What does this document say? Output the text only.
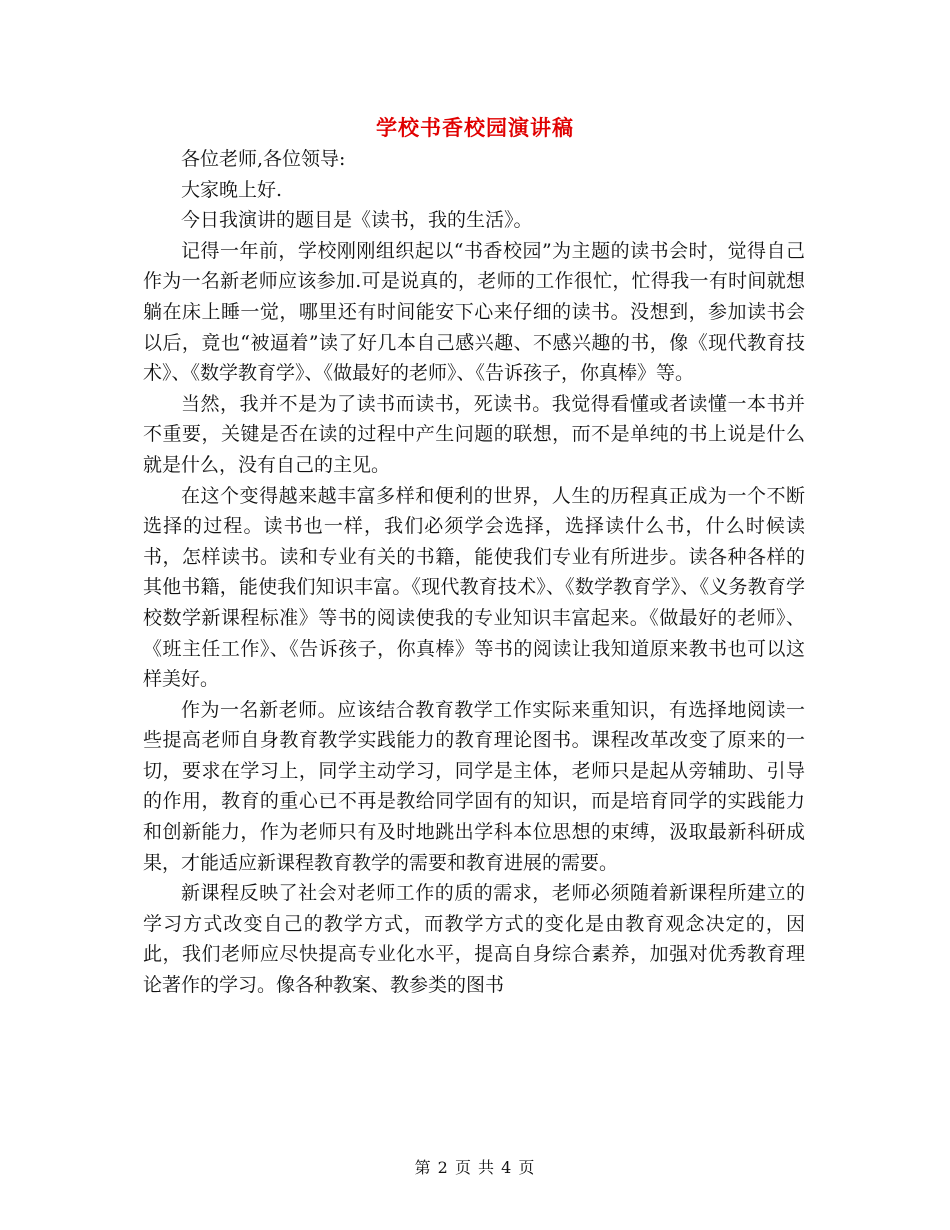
学校书香校园演讲稿

各位老师,各位领导:

大家晚上好.

今日我演讲的题目是《读书，我的生活》。

记得一年前，学校刚刚组织起以“书香校园”为主题的读书会时，觉得自己作为一名新老师应该参加.可是说真的，老师的工作很忙，忙得我一有时间就想躺在床上睡一觉，哪里还有时间能安下心来仔细的读书。没想到，参加读书会以后，竟也“被逼着”读了好几本自己感兴趣、不感兴趣的书，像《现代教育技术》、《数学教育学》、《做最好的老师》、《告诉孩子，你真棒》等。

当然，我并不是为了读书而读书，死读书。我觉得看懂或者读懂一本书并不重要，关键是否在读的过程中产生问题的联想，而不是单纯的书上说是什么就是什么，没有自己的主见。

在这个变得越来越丰富多样和便利的世界，人生的历程真正成为一个不断选择的过程。读书也一样，我们必须学会选择，选择读什么书，什么时候读书，怎样读书。读和专业有关的书籍，能使我们专业有所进步。读各种各样的其他书籍，能使我们知识丰富。《现代教育技术》、《数学教育学》、《义务教育学校数学新课程标准》等书的阅读使我的专业知识丰富起来。《做最好的老师》、《班主任工作》、《告诉孩子，你真棒》等书的阅读让我知道原来教书也可以这样美好。

作为一名新老师。应该结合教育教学工作实际来重知识，有选择地阅读一些提高老师自身教育教学实践能力的教育理论图书。课程改革改变了原来的一切，要求在学习上，同学主动学习，同学是主体，老师只是起从旁辅助、引导的作用，教育的重心已不再是教给同学固有的知识，而是培育同学的实践能力和创新能力，作为老师只有及时地跳出学科本位思想的束缚，汲取最新科研成果，才能适应新课程教育教学的需要和教育进展的需要。

新课程反映了社会对老师工作的质的需求，老师必须随着新课程所建立的学习方式改变自己的教学方式，而教学方式的变化是由教育观念决定的，因此，我们老师应尽快提高专业化水平，提高自身综合素养，加强对优秀教育理论著作的学习。像各种教案、教参类的图书

第 2 页 共 4 页
